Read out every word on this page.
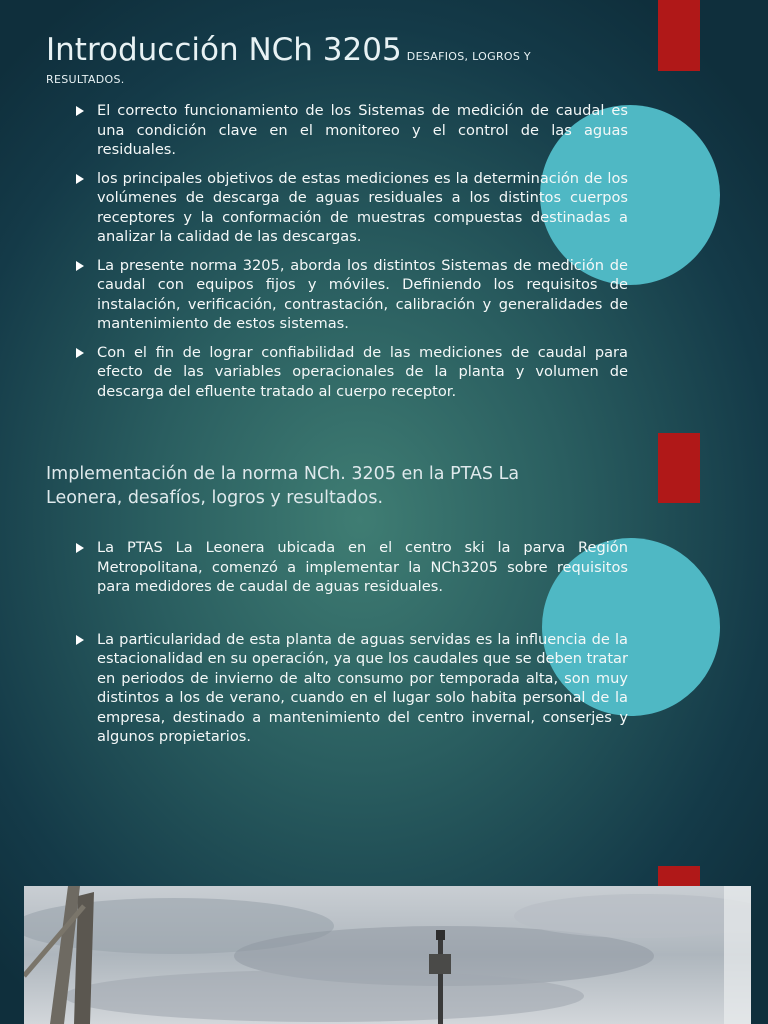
Introducción NCh 3205 DESAFIOS, LOGROS Y RESULTADOS.
El correcto funcionamiento de los Sistemas de medición de caudal es una condición clave en el monitoreo y el control de las aguas residuales.
los principales objetivos de estas mediciones es la determinación de los volúmenes de descarga de aguas residuales a los distintos cuerpos receptores y la conformación de muestras compuestas destinadas a analizar la calidad de las descargas.
La presente norma 3205, aborda los distintos Sistemas de medición de caudal con equipos fijos y móviles. Definiendo los requisitos de instalación, verificación, contrastación, calibración y generalidades de mantenimiento de estos sistemas.
Con el fin de lograr confiabilidad de las mediciones de caudal para efecto de las variables operacionales de la planta y volumen de descarga del efluente tratado al cuerpo receptor.
Implementación de la norma NCh. 3205 en la PTAS La Leonera, desafíos, logros y resultados.
La PTAS La Leonera ubicada en el centro ski la parva Región Metropolitana, comenzó a implementar la NCh3205 sobre requisitos para medidores de caudal de aguas residuales.
La particularidad de esta planta de aguas servidas es la influencia de la estacionalidad en su operación, ya que los caudales que se deben tratar en periodos de invierno de alto consumo por temporada alta, son muy distintos a los de verano, cuando en el lugar solo habita personal de la empresa, destinado a mantenimiento del centro invernal, conserjes y algunos propietarios.
